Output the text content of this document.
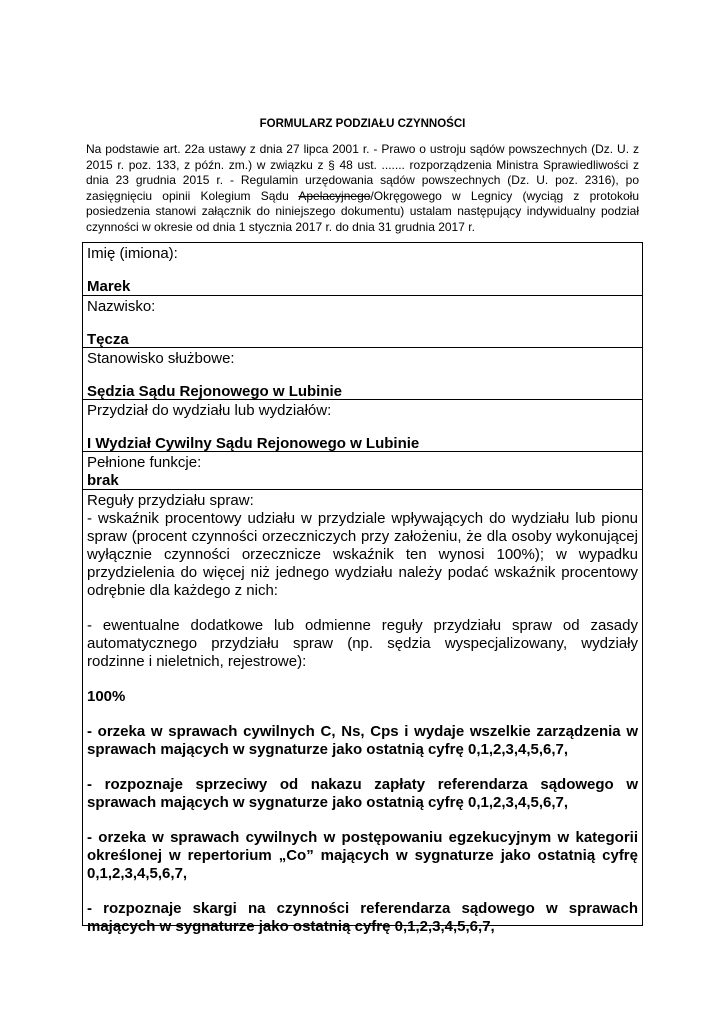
FORMULARZ PODZIAŁU CZYNNOŚCI
Na podstawie art. 22a ustawy z dnia 27 lipca 2001 r. - Prawo o ustroju sądów powszechnych (Dz. U. z 2015 r. poz. 133, z późn. zm.) w związku z § 48 ust. ....... rozporządzenia Ministra Sprawiedliwości z dnia 23 grudnia 2015 r. - Regulamin urzędowania sądów powszechnych (Dz. U. poz. 2316), po zasięgnięciu opinii Kolegium Sądu Apelacyjnego/Okręgowego w Legnicy (wyciąg z protokołu posiedzenia stanowi załącznik do niniejszego dokumentu) ustalam następujący indywidualny podział czynności w okresie od dnia 1 stycznia 2017 r. do dnia 31 grudnia 2017 r.
Imię (imiona):
Marek
Nazwisko:
Tęcza
Stanowisko służbowe:
Sędzia Sądu Rejonowego w Lubinie
Przydział do wydziału lub wydziałów:
I Wydział Cywilny Sądu Rejonowego w Lubinie
Pełnione funkcje:
brak

Reguły przydziału spraw:

- wskaźnik procentowy udziału w przydziale wpływających do wydziału lub pionu spraw (procent czynności orzeczniczych przy założeniu, że dla osoby wykonującej wyłącznie czynności orzecznicze wskaźnik ten wynosi 100%); w wypadku przydzielenia do więcej niż jednego wydziału należy podać wskaźnik procentowy odrębnie dla każdego z nich:

- ewentualne dodatkowe lub odmienne reguły przydziału spraw od zasady automatycznego przydziału spraw (np. sędzia wyspecjalizowany, wydziały rodzinne i nieletnich, rejestrowe):

100%

- orzeka w sprawach cywilnych C, Ns, Cps i wydaje wszelkie zarządzenia w sprawach mających w sygnaturze jako ostatnią cyfrę 0,1,2,3,4,5,6,7,

- rozpoznaje sprzeciwy od nakazu zapłaty referendarza sądowego w sprawach mających w sygnaturze jako ostatnią cyfrę 0,1,2,3,4,5,6,7,

- orzeka w sprawach cywilnych w postępowaniu egzekucyjnym w kategorii określonej w repertorium „Co” mających w sygnaturze jako ostatnią cyfrę 0,1,2,3,4,5,6,7,

- rozpoznaje skargi na czynności referendarza sądowego w sprawach mających w sygnaturze jako ostatnią cyfrę 0,1,2,3,4,5,6,7,
